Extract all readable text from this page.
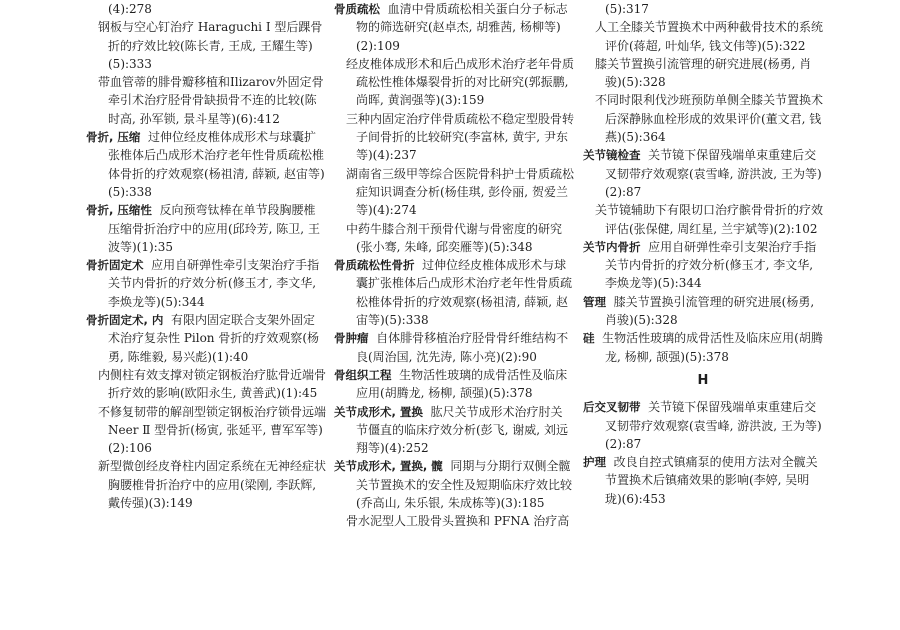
(4):278

钢板与空心钉治疗 Haraguchi Ⅰ 型后踝骨折的疗效比较(陈长青, 王成, 王耀生等)(5):333

带血管蒂的腓骨瓣移植和Ilizarov外固定骨牵引术治疗胫骨骨缺损骨不连的比较(陈时高, 孙军锁, 景斗星等)(6):412

骨折, 压缩 过伸位经皮椎体成形术与球囊扩张椎体后凸成形术治疗老年性骨质疏松椎体骨折的疗效观察(杨祖清, 薛颖, 赵宙等)(5):338

骨折, 压缩性 反向预弯钛棒在单节段胸腰椎压缩骨折治疗中的应用(邱玲芳, 陈卫, 王波等)(1):35

骨折固定术 应用自研弹性牵引支架治疗手指关节内骨折的疗效分析(修玉才, 李文华, 李焕龙等)(5):344

骨折固定术, 内 有限内固定联合支架外固定术治疗复杂性 Pilon 骨折的疗效观察(杨勇, 陈维毅, 易兴彪)(1):40

内侧柱有效支撑对锁定钢板治疗肱骨近端骨折疗效的影响(欧阳永生, 黄善武)(1):45

不修复韧带的解剖型锁定钢板治疗锁骨远端 Neer Ⅱ 型骨折(杨寅, 张延平, 曹军军等)(2):106

新型微创经皮脊柱内固定系统在无神经症状胸腰椎骨折治疗中的应用(梁刚, 李跃辉, 戴传强)(3):149

骨质疏松 血清中骨质疏松相关蛋白分子标志物的筛选研究(赵卓杰, 胡雅茜, 杨柳等)(2):109

经皮椎体成形术和后凸成形术治疗老年骨质疏松性椎体爆裂骨折的对比研究(郭振鹏, 尚晖, 黄润强等)(3):159

三种内固定治疗伴骨质疏松不稳定型股骨转子间骨折的比较研究(李富林, 黄宇, 尹东等)(4):237

湖南省三级甲等综合医院骨科护士骨质疏松症知识调查分析(杨佳琪, 彭伶丽, 贺爱兰等)(4):274

中药牛膝合剂干预骨代谢与骨密度的研究(张小骞, 朱峰, 邱奕雁等)(5):348

骨质疏松性骨折 过伸位经皮椎体成形术与球囊扩张椎体后凸成形术治疗老年性骨质疏松椎体骨折的疗效观察(杨祖清, 薛颖, 赵宙等)(5):338

骨肿瘤 自体腓骨移植治疗胫骨骨纤维结构不良(周治国, 沈先涛, 陈小亮)(2):90

骨组织工程 生物活性玻璃的成骨活性及临床应用(胡腾龙, 杨柳, 颉强)(5):378

关节成形术, 置换 肱尺关节成形术治疗肘关节僵直的临床疗效分析(彭飞, 谢威, 刘远翔等)(4):252

关节成形术, 置换, 髋 同期与分期行双侧全髋关节置换术的安全性及短期临床疗效比较(乔高山, 朱乐银, 朱成栋等)(3):185

骨水泥型人工股骨头置换和 PFNA 治疗高

(5):317

人工全膝关节置换术中两种截骨技术的系统评价(蒋超, 叶灿华, 钱文伟等)(5):322

膝关节置换引流管理的研究进展(杨勇, 肖骏)(5):328

不同时限利伐沙班预防单侧全膝关节置换术后深静脉血栓形成的效果评价(董文君, 钱燕)(5):364

关节镜检查 关节镜下保留残端单束重建后交叉韧带疗效观察(袁雪峰, 游洪波, 王为等)(2):87

关节镜辅助下有限切口治疗髌骨骨折的疗效评估(张保健, 周红星, 兰宇斌等)(2):102

关节内骨折 应用自研弹性牵引支架治疗手指关节内骨折的疗效分析(修玉才, 李文华, 李焕龙等)(5):344

管理 膝关节置换引流管理的研究进展(杨勇, 肖骏)(5):328

硅 生物活性玻璃的成骨活性及临床应用(胡腾龙, 杨柳, 颉强)(5):378

H

后交叉韧带 关节镜下保留残端单束重建后交叉韧带疗效观察(袁雪峰, 游洪波, 王为等)(2):87

护理 改良自控式镇痛泵的使用方法对全髋关节置换术后镇痛效果的影响(李婷, 吴明珑)(6):453
